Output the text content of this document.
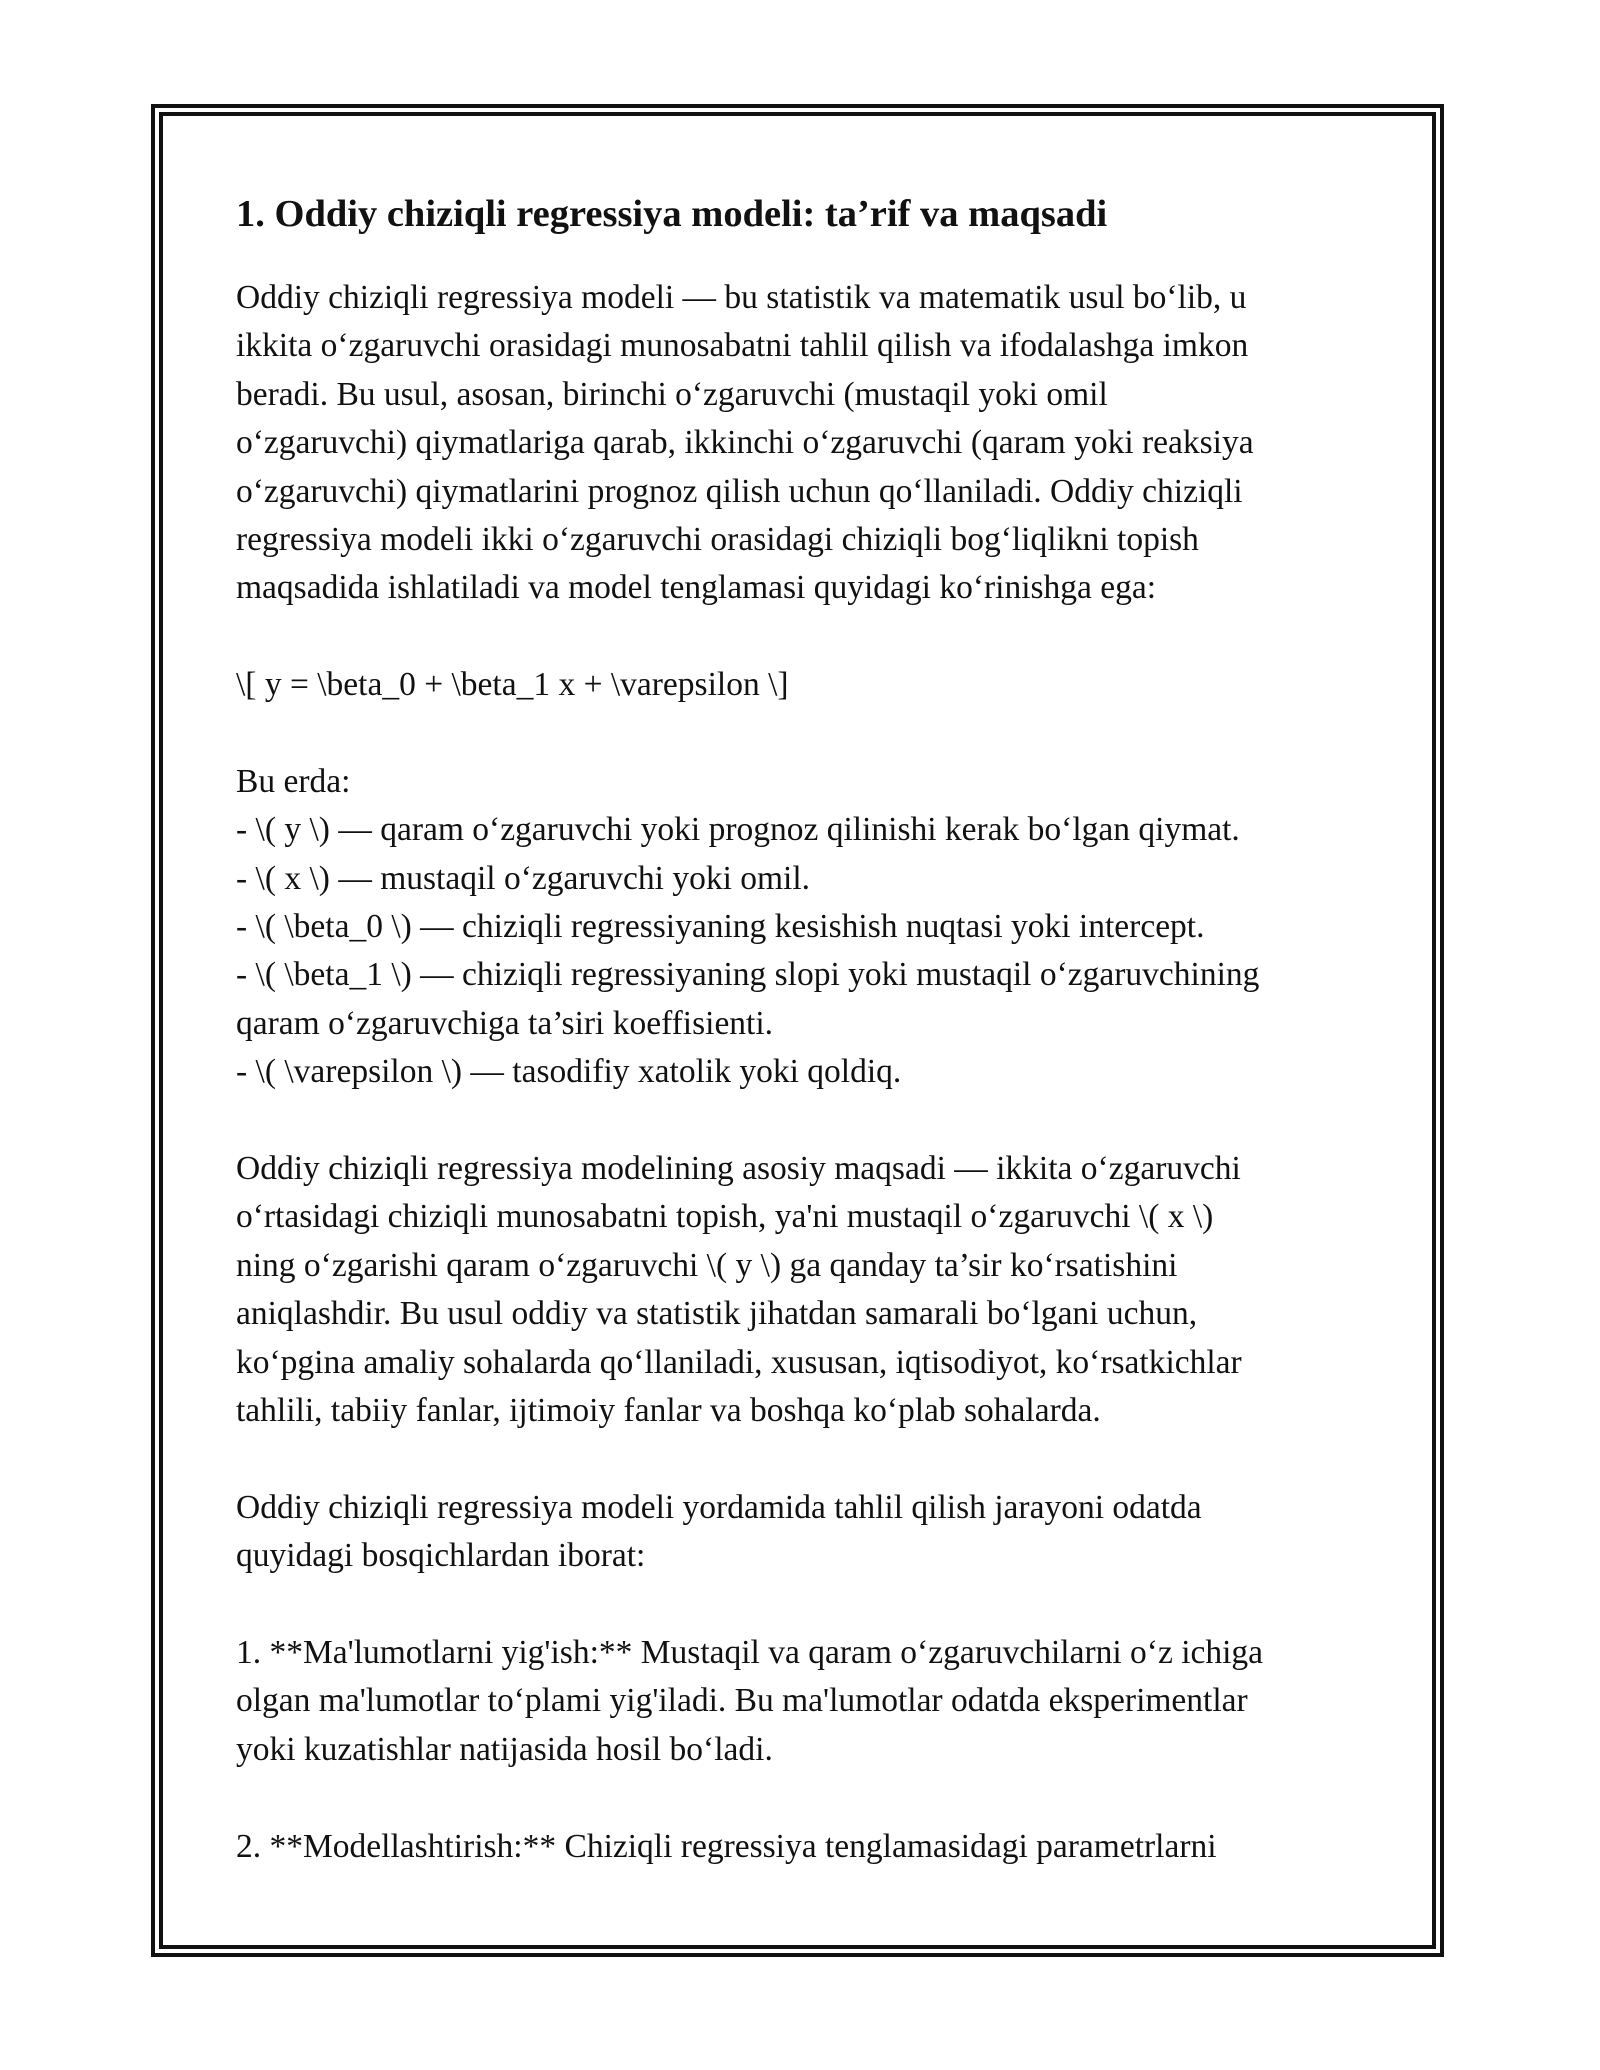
1. Oddiy chiziqli regressiya modeli: ta’rif va maqsadi
Oddiy chiziqli regressiya modeli — bu statistik va matematik usul bo‘lib, u
ikkita o‘zgaruvchi orasidagi munosabatni tahlil qilish va ifodalashga imkon
beradi. Bu usul, asosan, birinchi o‘zgaruvchi (mustaqil yoki omil
o‘zgaruvchi) qiymatlariga qarab, ikkinchi o‘zgaruvchi (qaram yoki reaksiya
o‘zgaruvchi) qiymatlarini prognoz qilish uchun qo‘llaniladi. Oddiy chiziqli
regressiya modeli ikki o‘zgaruvchi orasidagi chiziqli bog‘liqlikni topish
maqsadida ishlatiladi va model tenglamasi quyidagi ko‘rinishga ega:
\[ y = \beta_0 + \beta_1 x + \varepsilon \]
Bu erda:
- \( y \) — qaram o‘zgaruvchi yoki prognoz qilinishi kerak bo‘lgan qiymat.
- \( x \) — mustaqil o‘zgaruvchi yoki omil.
- \( \beta_0 \) — chiziqli regressiyaning kesishish nuqtasi yoki intercept.
- \( \beta_1 \) — chiziqli regressiyaning slopi yoki mustaqil o‘zgaruvchining
qaram o‘zgaruvchiga ta’siri koeffisienti.
- \( \varepsilon \) — tasodifiy xatolik yoki qoldiq.
Oddiy chiziqli regressiya modelining asosiy maqsadi — ikkita o‘zgaruvchi
o‘rtasidagi chiziqli munosabatni topish, ya'ni mustaqil o‘zgaruvchi \( x \)
ning o‘zgarishi qaram o‘zgaruvchi \( y \) ga qanday ta’sir ko‘rsatishini
aniqlashdir. Bu usul oddiy va statistik jihatdan samarali bo‘lgani uchun,
ko‘pgina amaliy sohalarda qo‘llaniladi, xususan, iqtisodiyot, ko‘rsatkichlar
tahlili, tabiiy fanlar, ijtimoiy fanlar va boshqa ko‘plab sohalarda.
Oddiy chiziqli regressiya modeli yordamida tahlil qilish jarayoni odatda
quyidagi bosqichlardan iborat:
1. **Ma'lumotlarni yig'ish:** Mustaqil va qaram o‘zgaruvchilarni o‘z ichiga
olgan ma'lumotlar to‘plami yig'iladi. Bu ma'lumotlar odatda eksperimentlar
yoki kuzatishlar natijasida hosil bo‘ladi.
2. **Modellashtirish:** Chiziqli regressiya tenglamasidagi parametrlarni
